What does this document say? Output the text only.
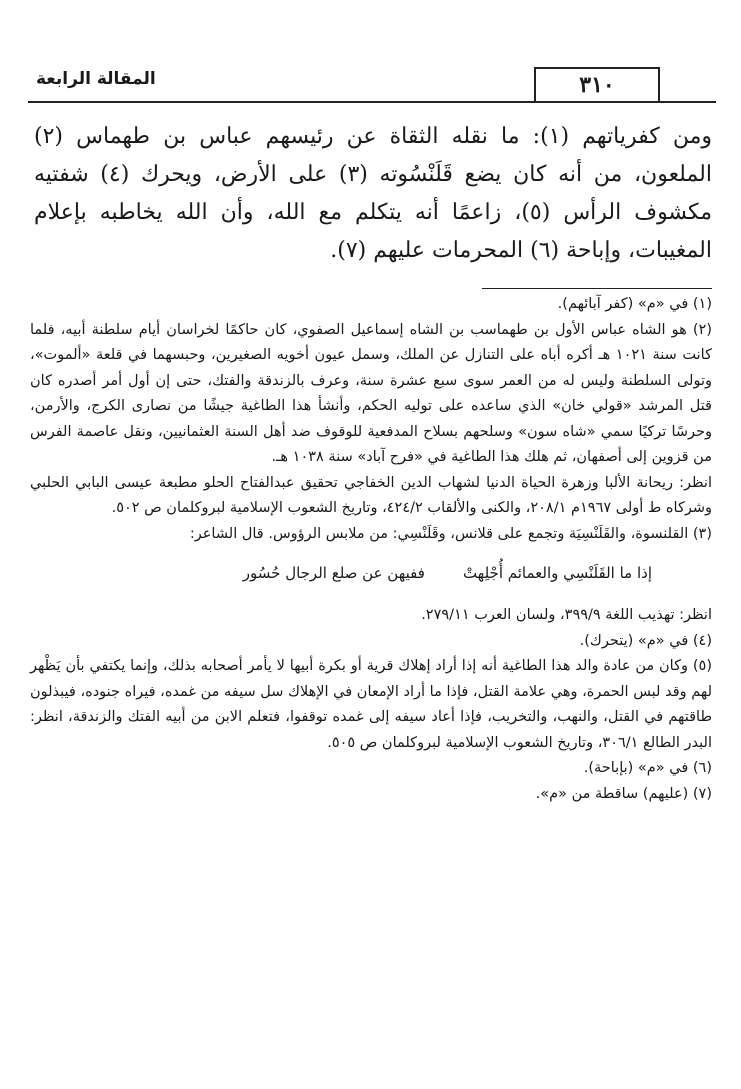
٣١٠
المقالة الرابعة

ومن كفرياتهم (١): ما نقله الثقاة عن رئيسهم عباس بن طهماس (٢) الملعون، من أنه كان يضع قَلَنْسُوته (٣) على الأرض، ويحرك (٤) شفتيه مكشوف الرأس (٥)، زاعمًا أنه يتكلم مع الله، وأن الله يخاطبه بإعلام المغيبات، وإباحة (٦) المحرمات عليهم (٧).

(١) في «م» (كفر آبائهم).

(٢) هو الشاه عباس الأول بن طهماسب بن الشاه إسماعيل الصفوي، كان حاكمًا لخراسان أيام سلطنة أبيه، فلما كانت سنة ١٠٢١ هـ أكره أباه على التنازل عن الملك، وسمل عيون أخويه الصغيرين، وحبسهما في قلعة «ألموت»، وتولى السلطنة وليس له من العمر سوى سبع عشرة سنة، وعرف بالزندقة والفتك، حتى إن أول أمر أصدره كان قتل المرشد «قولي خان» الذي ساعده على توليه الحكم، وأنشأ هذا الطاغية جيشًا من نصارى الكرج، والأرمن، وحرسًا تركيًا سمي «شاه سون» وسلحهم بسلاح المدفعية للوقوف ضد أهل السنة العثمانيين، ونقل عاصمة الفرس من قزوين إلى أصفهان، ثم هلك هذا الطاغية في «فرح آباد» سنة ١٠٣٨ هـ.

انظر: ريحانة الألبا وزهرة الحياة الدنيا لشهاب الدين الخفاجي تحقيق عبدالفتاح الحلو مطبعة عيسى البابي الحلبي وشركاه ط أولى ١٩٦٧م ٢٠٨/١، والكنى والألقاب ٤٢٤/٢، وتاريخ الشعوب الإسلامية لبروكلمان ص ٥٠٢.

(٣) القلنسوة، والقَلَنْسِيَة وتجمع على قلانس، وقَلَنْسِي: من ملابس الرؤوس. قال الشاعر:

إذا ما القَلَنْسِي والعمائم أُجْلِهتْففيهن عن صلع الرجال حُسُور

انظر: تهذيب اللغة ٣٩٩/٩، ولسان العرب ٢٧٩/١١.

(٤) في «م» (يتحرك).

(٥) وكان من عادة والد هذا الطاغية أنه إذا أراد إهلاك قرية أو بكرة أبيها لا يأمر أصحابه بذلك، وإنما يكتفي بأن يَظْهر لهم وقد لبس الحمرة، وهي علامة القتل، فإذا ما أراد الإمعان في الإهلاك سل سيفه من غمده، فيراه جنوده، فيبذلون طاقتهم في القتل، والنهب، والتخريب، فإذا أعاد سيفه إلى غمده توقفوا، فتعلم الابن من أبيه الفتك والزندقة، انظر: البدر الطالع ٣٠٦/١، وتاريخ الشعوب الإسلامية لبروكلمان ص ٥٠٥.

(٦) في «م» (بإباحة).

(٧) (عليهم) ساقطة من «م».
